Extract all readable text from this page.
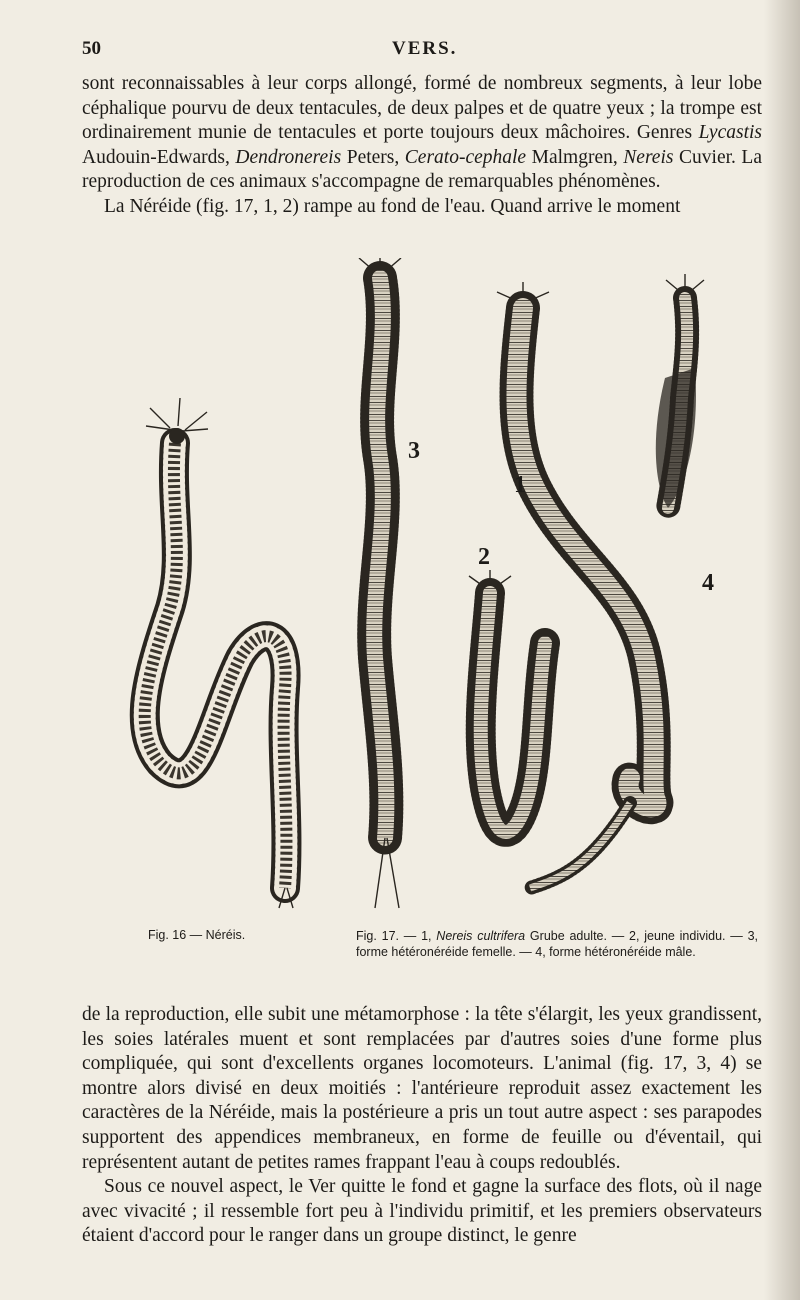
50	VERS.

sont reconnaissables à leur corps allongé, formé de nombreux segments, à leur lobe céphalique pourvu de deux tentacules, de deux palpes et de quatre yeux ; la trompe est ordinairement munie de tentacules et porte toujours deux mâchoires. Genres Lycastis Audouin-Edwards, Dendronereis Peters, Cerato-cephale Malmgren, Nereis Cuvier. La reproduction de ces animaux s'accompagne de remarquables phénomènes.

La Néréide (fig. 17, 1, 2) rampe au fond de l'eau. Quand arrive le moment

3
1
2
4
Fig. 16 — Néréis.	Fig. 17. — 1, Nereis cultrifera Grube adulte. — 2, jeune individu. — 3, forme hétéronéréide femelle. — 4, forme hétéronéréide mâle.

de la reproduction, elle subit une métamorphose : la tête s'élargit, les yeux grandissent, les soies latérales muent et sont remplacées par d'autres soies d'une forme plus compliquée, qui sont d'excellents organes locomoteurs. L'animal (fig. 17, 3, 4) se montre alors divisé en deux moitiés : l'antérieure reproduit assez exactement les caractères de la Néréide, mais la postérieure a pris un tout autre aspect : ses parapodes supportent des appendices membraneux, en forme de feuille ou d'éventail, qui représentent autant de petites rames frappant l'eau à coups redoublés.

Sous ce nouvel aspect, le Ver quitte le fond et gagne la surface des flots, où il nage avec vivacité ; il ressemble fort peu à l'individu primitif, et les premiers observateurs étaient d'accord pour le ranger dans un groupe distinct, le genre
